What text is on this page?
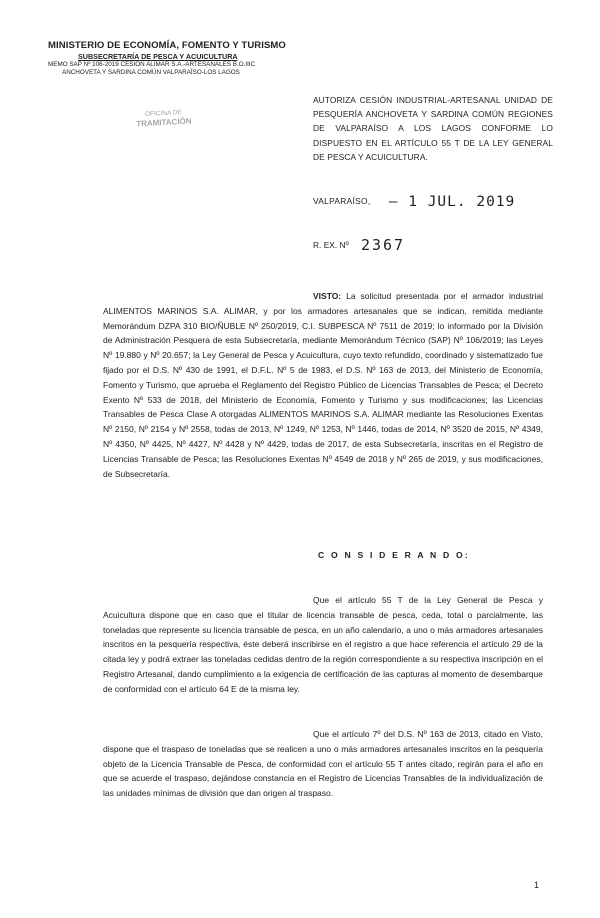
MINISTERIO DE ECONOMÍA, FOMENTO Y TURISMO
SUBSECRETARÍA DE PESCA Y ACUICULTURA
MEMO SAP Nº 106-2019 CESIÓN ALIMAR S.A.-ARTESANALES B.O.IIIC
ANCHOVETA Y SARDINA COMÚN VALPARAÍSO-LOS LAGOS
OFICINA DE
TRAMITACIÓN
AUTORIZA CESIÓN INDUSTRIAL-ARTESANAL UNIDAD DE PESQUERÍA ANCHOVETA Y SARDINA COMÚN REGIONES DE VALPARAÍSO A LOS LAGOS CONFORME LO DISPUESTO EN EL ARTÍCULO 55 T DE LA LEY GENERAL DE PESCA Y ACUICULTURA.
VALPARAÍSO, – 1 JUL. 2019
R. EX. Nº 2367
VISTO: La solicitud presentada por el armador industrial ALIMENTOS MARINOS S.A. ALIMAR, y por los armadores artesanales que se indican, remitida mediante Memorándum DZPA 310 BIO/ÑUBLE Nº 250/2019, C.I. SUBPESCA Nº 7511 de 2019; lo informado por la División de Administración Pesquera de esta Subsecretaría, mediante Memorándum Técnico (SAP) Nº 106/2019; las Leyes Nº 19.880 y Nº 20.657; la Ley General de Pesca y Acuicultura, cuyo texto refundido, coordinado y sistematizado fue fijado por el D.S. Nº 430 de 1991, el D.F.L. Nº 5 de 1983, el D.S. Nº 163 de 2013, del Ministerio de Economía, Fomento y Turismo, que aprueba el Reglamento del Registro Público de Licencias Transables de Pesca; el Decreto Exento Nº 533 de 2018, del Ministerio de Economía, Fomento y Turismo y sus modificaciones; las Licencias Transables de Pesca Clase A otorgadas ALIMENTOS MARINOS S.A. ALIMAR mediante las Resoluciones Exentas Nº 2150, Nº 2154 y Nº 2558, todas de 2013, Nº 1249, Nº 1253, Nº 1446, todas de 2014, Nº 3520 de 2015, Nº 4349, Nº 4350, Nº 4425, Nº 4427, Nº 4428 y Nº 4429, todas de 2017, de esta Subsecretaría, inscritas en el Registro de Licencias Transable de Pesca; las Resoluciones Exentas Nº 4549 de 2018 y Nº 265 de 2019, y sus modificaciones, de Subsecretaría.
C O N S I D E R A N D O:
Que el artículo 55 T de la Ley General de Pesca y Acuicultura dispone que en caso que el titular de licencia transable de pesca, ceda, total o parcialmente, las toneladas que represente su licencia transable de pesca, en un año calendario, a uno o más armadores artesanales inscritos en la pesquería respectiva, éste deberá inscribirse en el registro a que hace referencia el artículo 29 de la citada ley y podrá extraer las toneladas cedidas dentro de la región correspondiente a su respectiva inscripción en el Registro Artesanal, dando cumplimiento a la exigencia de certificación de las capturas al momento de desembarque de conformidad con el artículo 64 E de la misma ley.
Que el artículo 7º del D.S. Nº 163 de 2013, citado en Visto, dispone que el traspaso de toneladas que se realicen a uno o más armadores artesanales inscritos en la pesquería objeto de la Licencia Transable de Pesca, de conformidad con el artículo 55 T antes citado, regirán para el año en que se acuerde el traspaso, dejándose constancia en el Registro de Licencias Transables de la individualización de las unidades mínimas de división que dan origen al traspaso.
1
